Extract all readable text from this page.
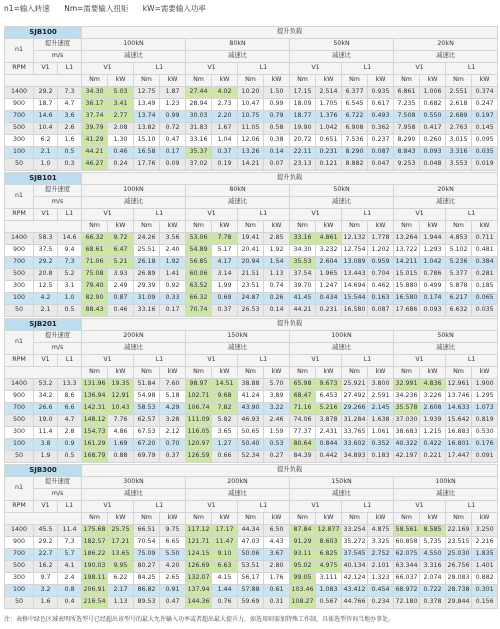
n1=输入转速 Nm=需要输入扭矩 kW=需要输入功率
SJB100			提升负载															
n1	提升速度		100kN				80kN				50kN				20kN			
	m/s		减速比				减速比				减速比				减速比			
RPM	V1	L1	V1		L1		V1		L1		V1		L1		V1		L1	
			Nm	kW	Nm	kW	Nm	kW	Nm	kW	Nm	kW	Nm	kW	Nm	kW	Nm	kW
1400	29.2	7.3	34.30	5.03	12.75	1.87	27.44	4.02	10.20	1.50	17.15	2.514	6.377	0.935	6.861	1.006	2.551	0.374
900	18.7	4.7	36.17	3.41	13.49	1.23	28.94	2.73	10.47	0.99	18.09	1.705	6.545	0.617	7.235	0.682	2.618	0.247
700	14.6	3.6	37.74	2.77	13.74	0.99	30.03	2.20	10.75	0.79	18.77	1.376	6.722	0.493	7.508	0.550	2.689	0.197
500	10.4	2.6	39.79	2.08	13.82	0.72	31.83	1.67	11.05	0.58	19.90	1.042	6.908	0.362	7.958	0.417	2.763	0.145
300	6.2	1.6	41.29	1.30	15.10	0.47	33.16	1.04	12.06	0.38	20.72	0.651	7.536	0.237	8.290	0.260	3.015	0.095
100	2.1	0.5	44.21	0.46	16.58	0.17	35.37	0.37	13.26	0.14	22.11	0.231	8.290	0.087	8.843	0.093	3.316	0.035
50	1.0	0.3	46.27	0.24	17.76	0.09	37.02	0.19	14.21	0.07	23.13	0.121	8.882	0.047	9.253	0.048	3.553	0.019
SJB101			提升负载															
n1	提升速度		100kN				80kN				50kN				20kN			
	m/s		减速比				减速比				减速比				减速比			
RPM	V1	L1	V1		L1		V1		L1		V1		L1		V1		L1	
			Nm	kW	Nm	kW	Nm	kW	Nm	kW	Nm	kW	Nm	kW	Nm	kW	Nm	kW
1400	58.3	14.6	66.32	9.72	24.26	3.56	53.06	7.78	19.41	2.85	33.16	4.861	12.132	1.778	13.264	1.944	4.853	0.711
900	37.5	9.4	68.61	6.47	25.51	2.40	54.89	5.17	20.41	1.92	34.30	3.232	12.754	1.202	13.722	1.293	5.102	0.481
700	29.2	7.3	71.06	5.21	26.18	1.92	56.85	4.17	20.94	1.54	35.53	2.604	13.089	0.959	14.211	1.042	5.236	0.384
500	20.8	5.2	75.08	3.93	26.89	1.41	60.06	3.14	21.51	1.13	37.54	1.965	13.443	0.704	15.015	0.786	5.377	0.281
300	12.5	3.1	79.40	2.49	29.39	0.92	63.52	1.99	23.51	0.74	39.70	1.247	14.694	0.462	15.880	0.499	5.878	0.185
100	4.2	1.0	82.90	0.87	31.09	0.33	66.32	0.69	24.87	0.26	41.45	0.434	15.544	0.163	16.580	0.174	6.217	0.065
50	2.1	0.5	88.43	0.46	33.16	0.17	70.74	0.37	26.53	0.14	44.21	0.231	16.580	0.087	17.686	0.093	6.632	0.035
SJB201			提升负载															
n1	提升速度		200kN				150kN				100kN				50kN			
	m/s		减速比				减速比				减速比				减速比			
RPM	V1	L1	V1		L1		V1		L1		V1		L1		V1		L1	
			Nm	kW	Nm	kW	Nm	kW	Nm	kW	Nm	kW	Nm	kW	Nm	kW	Nm	kW
1400	53.2	13.3	131.96	19.35	51.84	7.60	98.97	14.51	38.88	5.70	65.98	9.673	25.921	3.800	32.991	4.836	12.961	1.900
900	34.2	8.6	136.94	12.91	54.98	5.18	102.71	9.68	41.24	3.89	68.47	6.453	27.492	2.591	34.236	3.226	13.746	1.295
700	26.6	6.6	142.31	10.43	58.53	4.29	106.74	7.82	43.90	3.22	71.16	5.216	29.266	2.145	35.578	2.608	14.633	1.073
500	19.0	4.7	148.12	7.76	62.57	3.28	111.09	5.82	46.93	2.46	74.06	3.878	31.284	1.638	37.030	1.939	15.642	0.819
300	11.4	2.8	154.73	4.86	67.53	2.12	116.05	3.65	50.65	1.59	77.37	2.431	33.765	1.061	38.683	1.215	16.883	0.530
100	3.8	0.9	161.29	1.69	67.20	0.70	120.97	1.27	50.40	0.53	80.64	0.844	33.602	0.352	40.322	0.422	16.801	0.176
50	1.9	0.5	168.79	0.88	69.79	0.37	126.59	0.66	52.34	0.27	84.39	0.442	34.893	0.183	42.197	0.221	17.447	0.091
SJB300			提升负载															
n1	提升速度		300kN				200kN				150kN				100kN			
	m/s		减速比				减速比				减速比				减速比			
RPM	V1	L1	V1		L1		V1		L1		V1		L1		V1		L1	
			Nm	kW	Nm	kW	Nm	kW	Nm	kW	Nm	kW	Nm	kW	Nm	kW	Nm	kW
1400	45.5	11.4	175.68	25.75	66.51	9.75	117.12	17.17	44.34	6.50	87.84	12.877	33.254	4.875	58.561	8.585	22.169	3.250
900	29.2	7.3	182.57	17.21	70.54	6.65	121.71	11.47	47.03	4.43	91.29	8.603	35.272	3.325	60.858	5.735	23.515	2.216
700	22.7	5.7	186.22	13.65	75.09	5.50	124.15	9.10	50.06	3.67	93.11	6.825	37.545	2.752	62.075	4.550	25.030	1.835
500	16.2	4.1	190.03	9.95	80.27	4.20	126.69	6.63	53.51	2.80	95.02	4.975	40.134	2.101	63.344	3.316	26.756	1.401
300	9.7	2.4	198.11	6.22	84.25	2.65	132.07	4.15	56.17	1.76	99.05	3.111	42.124	1.323	66.037	2.074	28.083	0.882
100	3.2	0.8	206.91	2.17	86.82	0.91	137.94	1.44	57.88	0.61	103.46	1.083	43.412	0.454	68.972	0.722	28.738	0.301
50	1.6	0.4	216.54	1.13	89.53	0.47	144.36	0.76	59.69	0.31	108.27	0.567	44.766	0.234	72.180	0.378	29.844	0.156
注：表格中绿色区域表明所选型号已经超出该型号的最大允许输入功率或者超出最大提升力，如选用则需加特殊工作制，具体选型咨询当地办事处。
